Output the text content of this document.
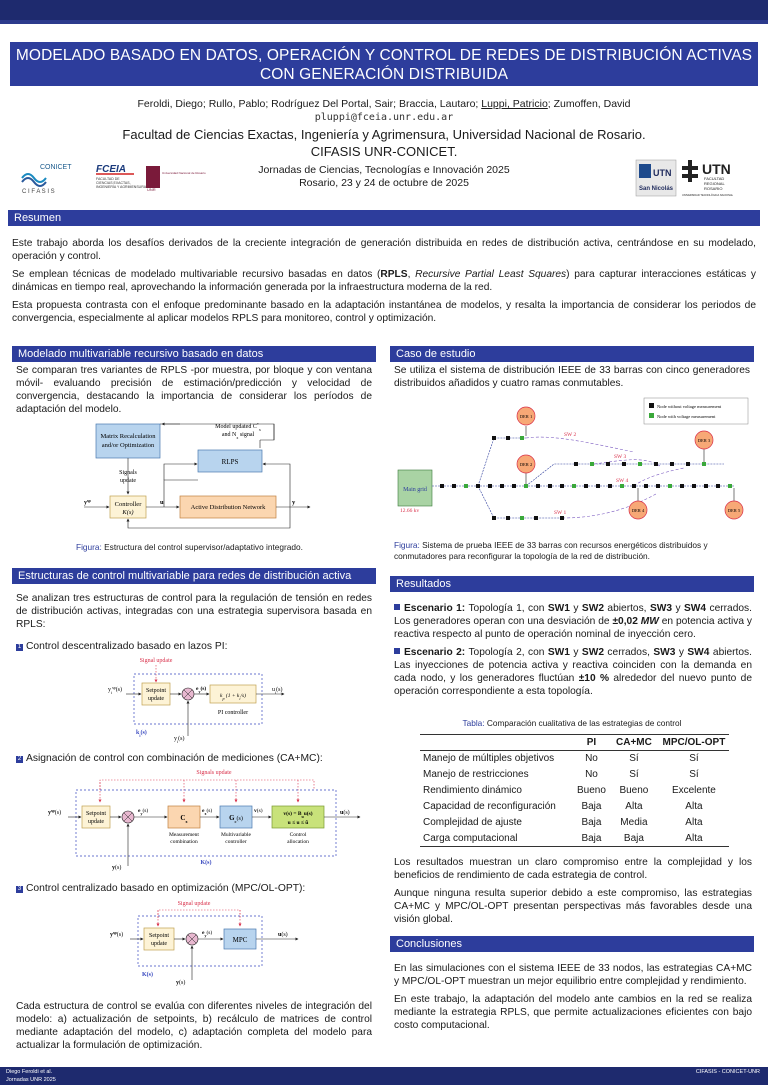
MODELADO BASADO EN DATOS, OPERACIÓN Y CONTROL DE REDES DE DISTRIBUCIÓN ACTIVAS
CON GENERACIÓN DISTRIBUIDA
Feroldi, Diego; Rullo, Pablo; Rodríguez Del Portal, Sair; Braccia, Lautaro; Luppi, Patricio; Zumoffen, David
pluppi@fceia.unr.edu.ar
Facultad de Ciencias Exactas, Ingeniería y Agrimensura, Universidad Nacional de Rosario.
CIFASIS UNR-CONICET.
Jornadas de Ciencias, Tecnologías e Innovación 2025
Rosario, 23 y 24 de octubre de 2025
CONICET
C I F A S I S
FCEIA
FACULTAD DE
CIENCIAS EXACTAS,
INGENIERÍA Y AGRIMENSURA UNR
Universidad Nacional de Rosario	UTN
San Nicolás
UTN
FACULTAD
REGIONAL
ROSARIO
UNIVERSIDAD TECNOLÓGICA NACIONAL
Resumen

Este trabajo aborda los desafíos derivados de la creciente integración de generación distribuida en redes de distribución activa, centrándose en su modelado, operación y control.

Se emplean técnicas de modelado multivariable recursivo basadas en datos (RPLS, Recursive Partial Least Squares) para capturar interacciones estáticas y dinámicas en tiempo real, aprovechando la información generada por la infraestructura moderna de la red.

Esta propuesta contrasta con el enfoque predominante basado en la adaptación instantánea de modelos, y resalta la importancia de considerar los periodos de convergencia, especialmente al aplicar modelos RPLS para monitoreo, control y optimización.

Modelado multivariable recursivo basado en datos
Se comparan tres variantes de RPLS -por muestra, por bloque y con ventana móvil- evaluando precisión de estimación/predicción y velocidad de convergencia, destacando la importancia de considerar los períodos de adaptación del modelo.
Matrix Recalculation
and/or Optimization
Model updated $C^*_x$
and $N_x$ signal
RLPS
Signals
update
Controller
K(s)
Active Distribution Network
$y^{sp}$	u	y
Figura: Estructura del control supervisor/adaptativo integrado.
Estructuras de control multivariable para redes de distribución activa
Se analizan tres estructuras de control para la regulación de tensión en redes de distribución activas, integradas con una estrategia supervisora basada en RPLS:
1 Control descentralizado basado en lazos PI:
Signal update
Setpoint
update
$y_i^{sp}(s)$	$e_y(s)$
$k_p$ $(1 + k_i/s)$
PI controller
$u_i(s)$
$y_i(s)$
$k_i(s)$
2 Asignación de control con combinación de mediciones (CA+MC):
Signals update
Setpoint
update
$y^{sp}(s)$	$e_y(s)$
$C_x$
Measurement
combination
$e_x(s)$
$G_c(s)$
Multivariable
controller
v(s)	$v(s) = B_uu(s)$
u ≤ u ≤ ū
Control
allocation
u(s)
y(s)
K(s)
3 Control centralizado basado en optimización (MPC/OL-OPT):
Signal update
Setpoint
update
$y^{sp}(s)$	$e_y(s)$
MPC
u(s)
y(s)
K(s)
Cada estructura de control se evalúa con diferentes niveles de integración del modelo: a) actualización de setpoints, b) recálculo de matrices de control mediante adaptación del modelo, c) adaptación completa del modelo para actualizar la formulación de optimización.
Caso de estudio
Se utiliza el sistema de distribución IEEE de 33 barras con cinco generadores distribuidos añadidos y cuatro ramas conmutables.
Node without voltage measurement
Node with voltage measurement
Main grid
12.66 kv
DER 1
DER 2
DER 3
DER 4	DER 5
SW 2
SW 3
SW 4
SW 1
Figura: Sistema de prueba IEEE de 33 barras con recursos energéticos distribuidos y conmutadores para reconfigurar la topología de la red de distribución.
Resultados

Escenario 1: Topología 1, con SW1 y SW2 abiertos, SW3 y SW4 cerrados. Los generadores operan con una desviación de ±0,02 MW en potencia activa y reactiva respecto al punto de operación nominal de inyección cero.

Escenario 2: Topología 2, con SW1 y SW2 cerrados, SW3 y SW4 abiertos. Las inyecciones de potencia activa y reactiva coinciden con la demanda en cada nodo, y los generadores fluctúan ±10 % alrededor del nuevo punto de operación correspondiente a esta topología.

Tabla: Comparación cualitativa de las estrategias de control
	PI	CA+MC	MPC/OL-OPT
Manejo de múltiples objetivos	No	Sí	Sí
Manejo de restricciones	No	Sí	Sí
Rendimiento dinámico	Bueno	Bueno	Excelente
Capacidad de reconfiguración	Baja	Alta	Alta
Complejidad de ajuste	Baja	Media	Alta
Carga computacional	Baja	Baja	Alta

Los resultados muestran un claro compromiso entre la complejidad y los beneficios de rendimiento de cada estrategia de control.

Aunque ninguna resulta superior debido a este compromiso, las estrategias CA+MC y MPC/OL-OPT presentan perspectivas más favorables desde una visión global.

Conclusiones

En las simulaciones con el sistema IEEE de 33 nodos, las estrategias CA+MC y MPC/OL-OPT muestran un mejor equilibrio entre complejidad y rendimiento.

En este trabajo, la adaptación del modelo ante cambios en la red se realiza mediante la estrategia RPLS, que permite actualizaciones eficientes con bajo costo computacional.

Diego Feroldi et al.
Jornadas UNR 2025
CIFASIS - CONICET-UNR
